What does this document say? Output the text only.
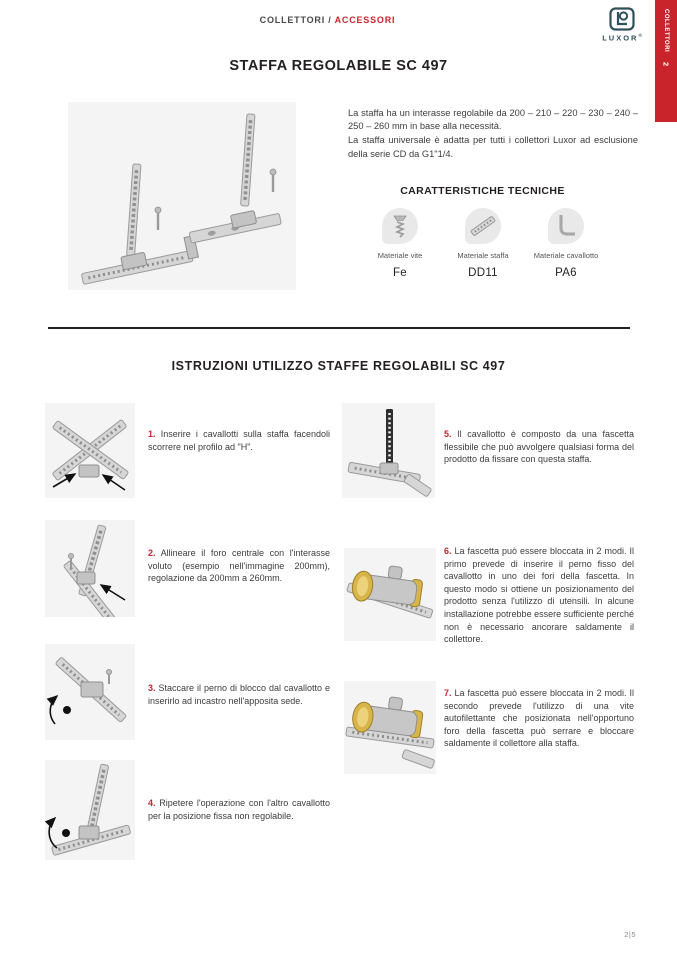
COLLETTORI / ACCESSORI
LUXOR®	COLLETTORI
2
STAFFA REGOLABILE SC 497

La staffa ha un interasse regolabile da 200 – 210 – 220 – 230 – 240 – 250 – 260 mm in base alla necessità.

La staffa universale è adatta per tutti i collettori Luxor ad esclusione della serie CD da G1"1/4.

CARATTERISTICHE TECNICHE
Materiale vite
Fe
Materiale staffa
DD11
Materiale cavallotto
PA6
ISTRUZIONI UTILIZZO STAFFE REGOLABILI SC 497

1. Inserire i cavallotti sulla staffa facendoli scorrere nel profilo ad "H".

2. Allineare il foro centrale con l'interasse voluto (esempio nell'immagine 200mm), regolazione da 200mm a 260mm.

3. Staccare il perno di blocco dal cavallotto e inserirlo ad incastro nell'apposita sede.

4. Ripetere l'operazione con l'altro cavallotto per la posizione fissa non regolabile.

5. Il cavallotto è composto da una fascetta flessibile che può avvolgere qualsiasi forma del prodotto da fissare con questa staffa.

6. La fascetta può essere bloccata in 2 modi. Il primo prevede di inserire il perno fisso del cavallotto in uno dei fori della fascetta. In questo modo si ottiene un posizionamento del prodotto senza l'utilizzo di utensili. In alcune installazione potrebbe essere sufficiente perché non è necessario ancorare saldamente il collettore.

7. La fascetta può essere bloccata in 2 modi. Il secondo prevede l'utilizzo di una vite autofilettante che posizionata nell'opportuno foro della fascetta può serrare e bloccare saldamente il collettore alla staffa.

2|5
